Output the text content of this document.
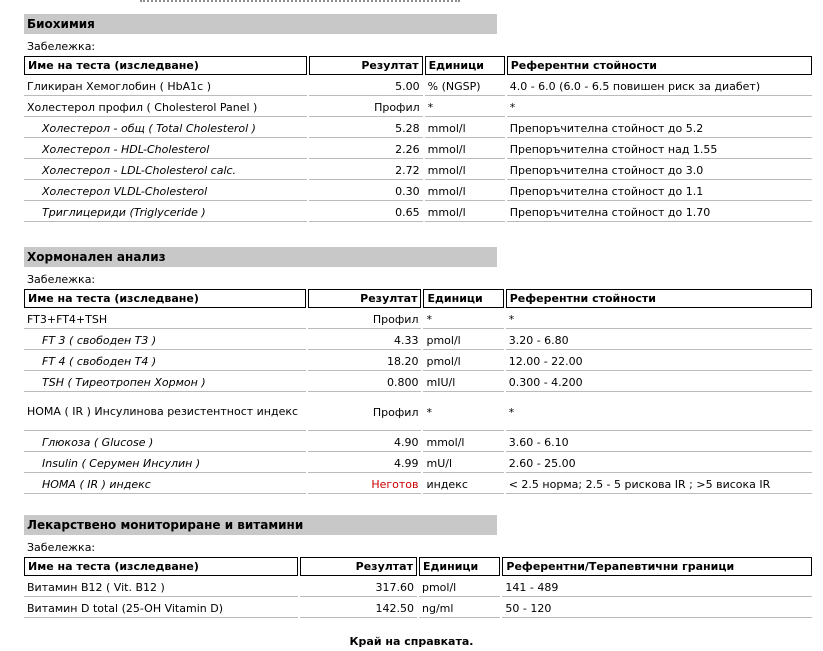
Биохимия
Забележка:
Име на теста (изследване)	Резултат	Единици	Референтни стойности
Гликиран Хемоглобин ( HbA1c )	5.00	% (NGSP)	4.0 - 6.0 (6.0 - 6.5 повишен риск за диабет)
Холестерол профил ( Cholesterol Panel )	Профил	*	*
Холестерол - общ ( Total Cholesterol )	5.28	mmol/l	Препоръчителна стойност до 5.2
Холестерол - HDL-Cholesterol	2.26	mmol/l	Препоръчителна стойност над 1.55
Холестерол - LDL-Cholesterol calc.	2.72	mmol/l	Препоръчителна стойност до 3.0
Холестерол VLDL-Cholesterol	0.30	mmol/l	Препоръчителна стойност до 1.1
Триглицериди (Triglyceride )	0.65	mmol/l	Препоръчителна стойност до 1.70
Хормонален анализ
Забележка:
Име на теста (изследване)	Резултат	Единици	Референтни стойности
FT3+FT4+TSH	Профил	*	*
FT 3 ( свободен T3 )	4.33	pmol/l	3.20 - 6.80
FT 4 ( свободен T4 )	18.20	pmol/l	12.00 - 22.00
TSH ( Тиреотропен Хормон )	0.800	mIU/l	0.300 - 4.200
HOMA ( IR ) Инсулинова резистентност индекс	Профил	*	*
Глюкоза ( Glucose )	4.90	mmol/l	3.60 - 6.10
Insulin ( Серумен Инсулин )	4.99	mU/l	2.60 - 25.00
HOMA ( IR ) индекс	Неготов	индекс	< 2.5 норма; 2.5 - 5 рискова IR ; >5 висока IR
Лекарствено мониториране и витамини
Забележка:
Име на теста (изследване)	Резултат	Единици	Референтни/Терапевтични граници
Витамин B12 ( Vit. B12 )	317.60	pmol/l	141 - 489
Витамин D total (25-OH Vitamin D)	142.50	ng/ml	50 - 120
Край на справката.
